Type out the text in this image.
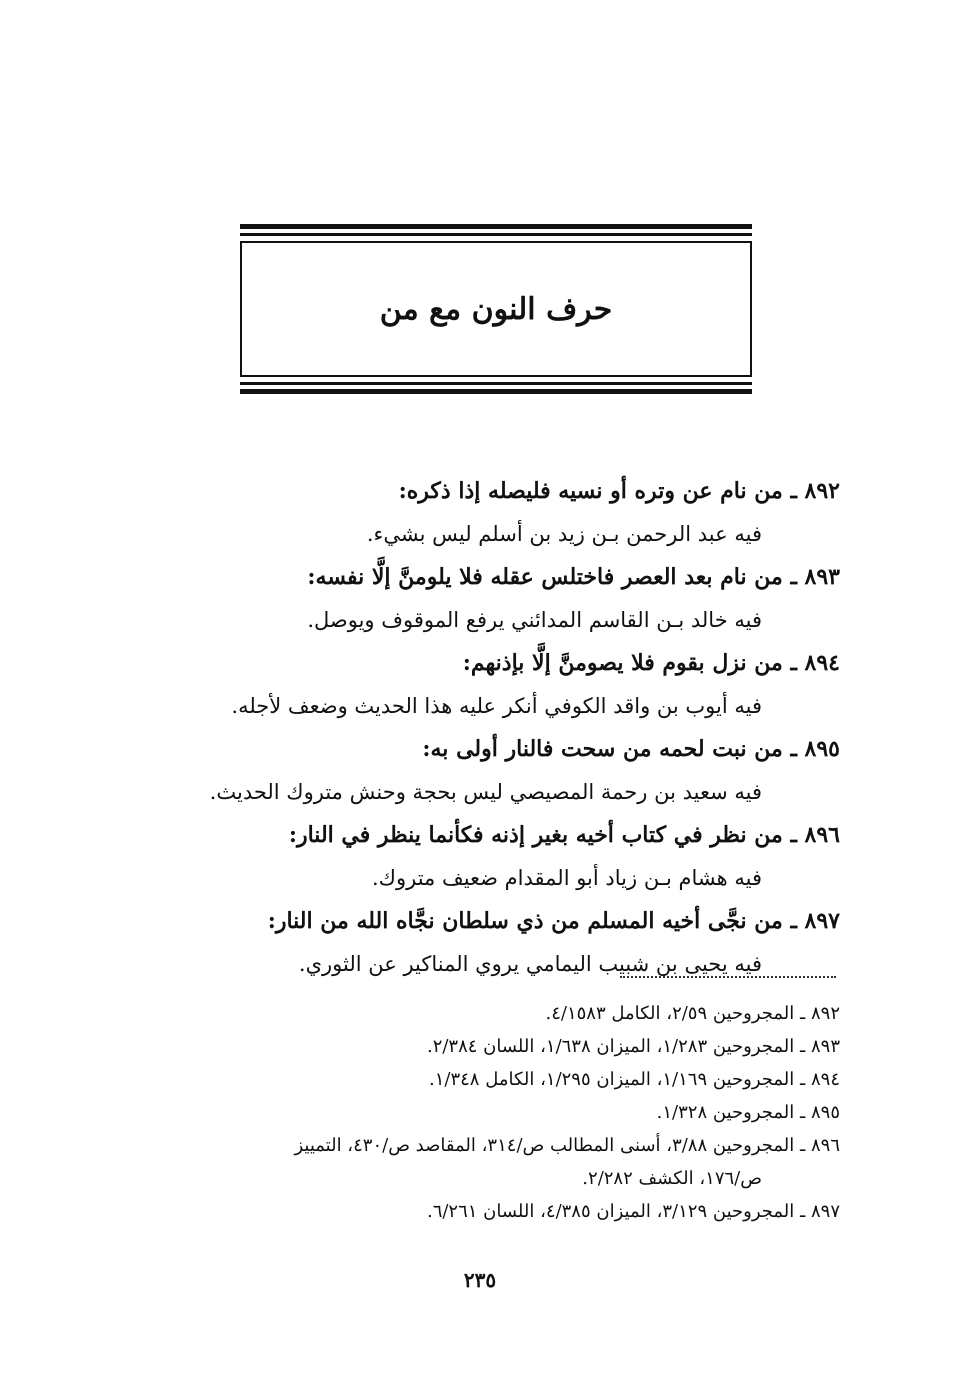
حرف النون مع من
٨٩٢ ـ من نام عن وتره أو نسيه فليصله إذا ذكره:
فيه عبد الرحمن بـن زيد بن أسلم ليس بشيء.
٨٩٣ ـ من نام بعد العصر فاختلس عقله فلا يلومنَّ إلَّا نفسه:
فيه خالد بـن القاسم المدائني يرفع الموقوف ويوصل.
٨٩٤ ـ من نزل بقوم فلا يصومنَّ إلَّا بإذنهم:
فيه أيوب بن واقد الكوفي أنكر عليه هذا الحديث وضعف لأجله.
٨٩٥ ـ من نبت لحمه من سحت فالنار أولى به:
فيه سعيد بن رحمة المصيصي ليس بحجة وحنش متروك الحديث.
٨٩٦ ـ من نظر في كتاب أخيه بغير إذنه فكأنما ينظر في النار:
فيه هشام بـن زياد أبو المقدام ضعيف متروك.
٨٩٧ ـ من نجَّى أخيه المسلم من ذي سلطان نجَّاه الله من النار:
فيه يحيى بن شبيب اليمامي يروي المناكير عن الثوري.
٨٩٢ ـ المجروحين ٢/٥٩، الكامل ٤/١٥٨٣.
٨٩٣ ـ المجروحين ١/٢٨٣، الميزان ١/٦٣٨، اللسان ٢/٣٨٤.
٨٩٤ ـ المجروحين ١/١٦٩، الميزان ١/٢٩٥، الكامل ١/٣٤٨.
٨٩٥ ـ المجروحين ١/٣٢٨.
٨٩٦ ـ المجروحين ٣/٨٨، أسنى المطالب ص/٣١٤، المقاصد ص/٤٣٠، التمييز
ص/١٧٦، الكشف ٢/٢٨٢.
٨٩٧ ـ المجروحين ٣/١٢٩، الميزان ٤/٣٨٥، اللسان ٦/٢٦١.
٢٣٥
